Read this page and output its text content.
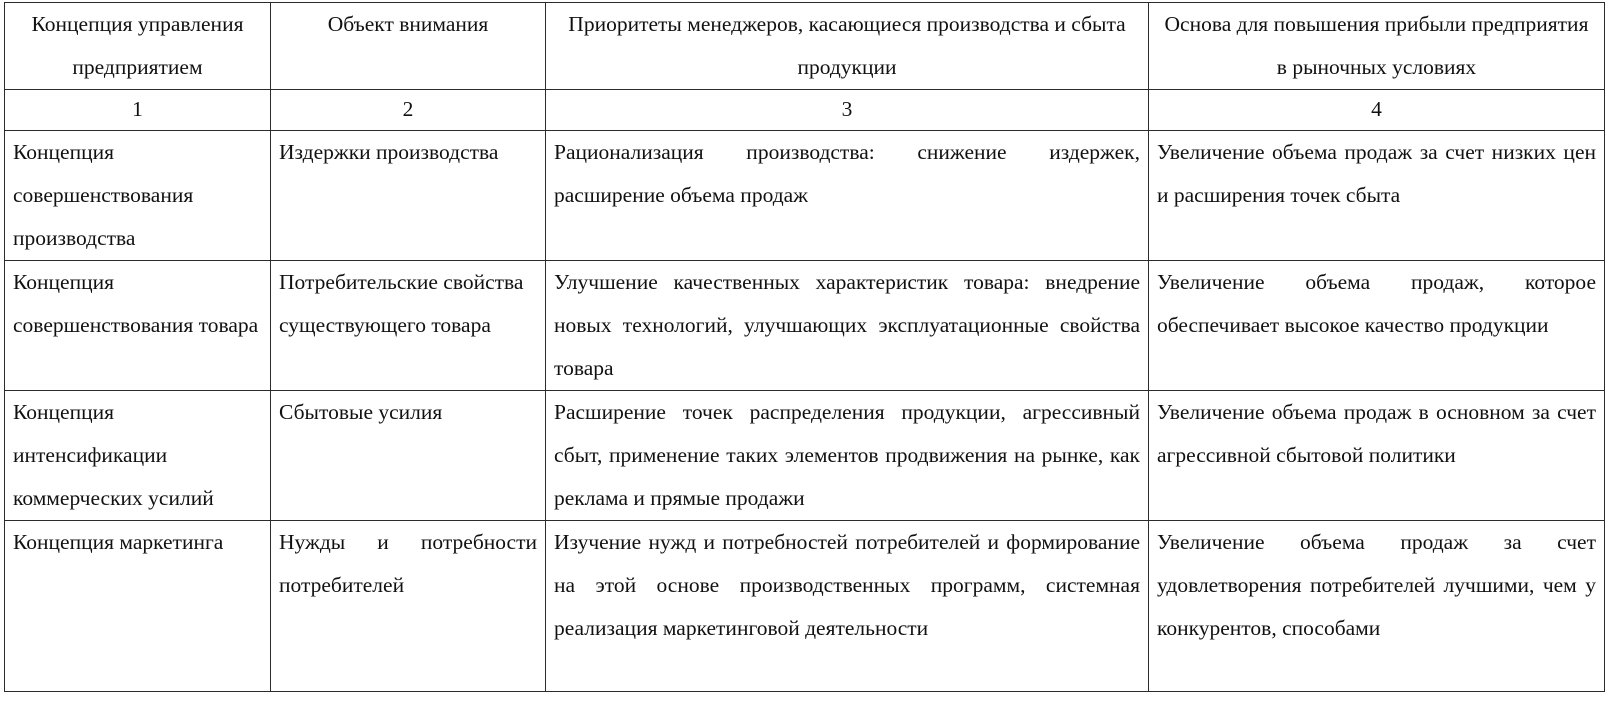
Концепция управления предприятием	Объект внимания	Приоритеты менеджеров, касающиеся производства и сбыта продукции	Основа для повышения прибыли предприятия в рыночных условиях
1	2	3	4
Концепция совершенствования производства	Издержки производства	Рационализация производства: снижение издержек, расширение объема продаж	Увеличение объема продаж за счет низких цен и расширения точек сбыта
Концепция совершенствования товара	Потребительские свойства существующего товара	Улучшение качественных характеристик товара: внедрение новых технологий, улучшающих эксплуатационные свойства товара	Увеличение объема продаж, которое обеспечивает высокое качество продукции
Концепция интенсификации коммерческих усилий	Сбытовые усилия	Расширение точек распределения продукции, агрессивный сбыт, применение таких элементов продвижения на рынке, как реклама и прямые продажи	Увеличение объема продаж в основном за счет агрессивной сбытовой политики
Концепция маркетинга	Нужды и потребности потребителей	Изучение нужд и потребностей потребителей и формирование на этой основе производственных программ, системная реализация маркетинговой деятельности	Увеличение объема продаж за счет удовлетворения потребителей лучшими, чем у конкурентов, способами
